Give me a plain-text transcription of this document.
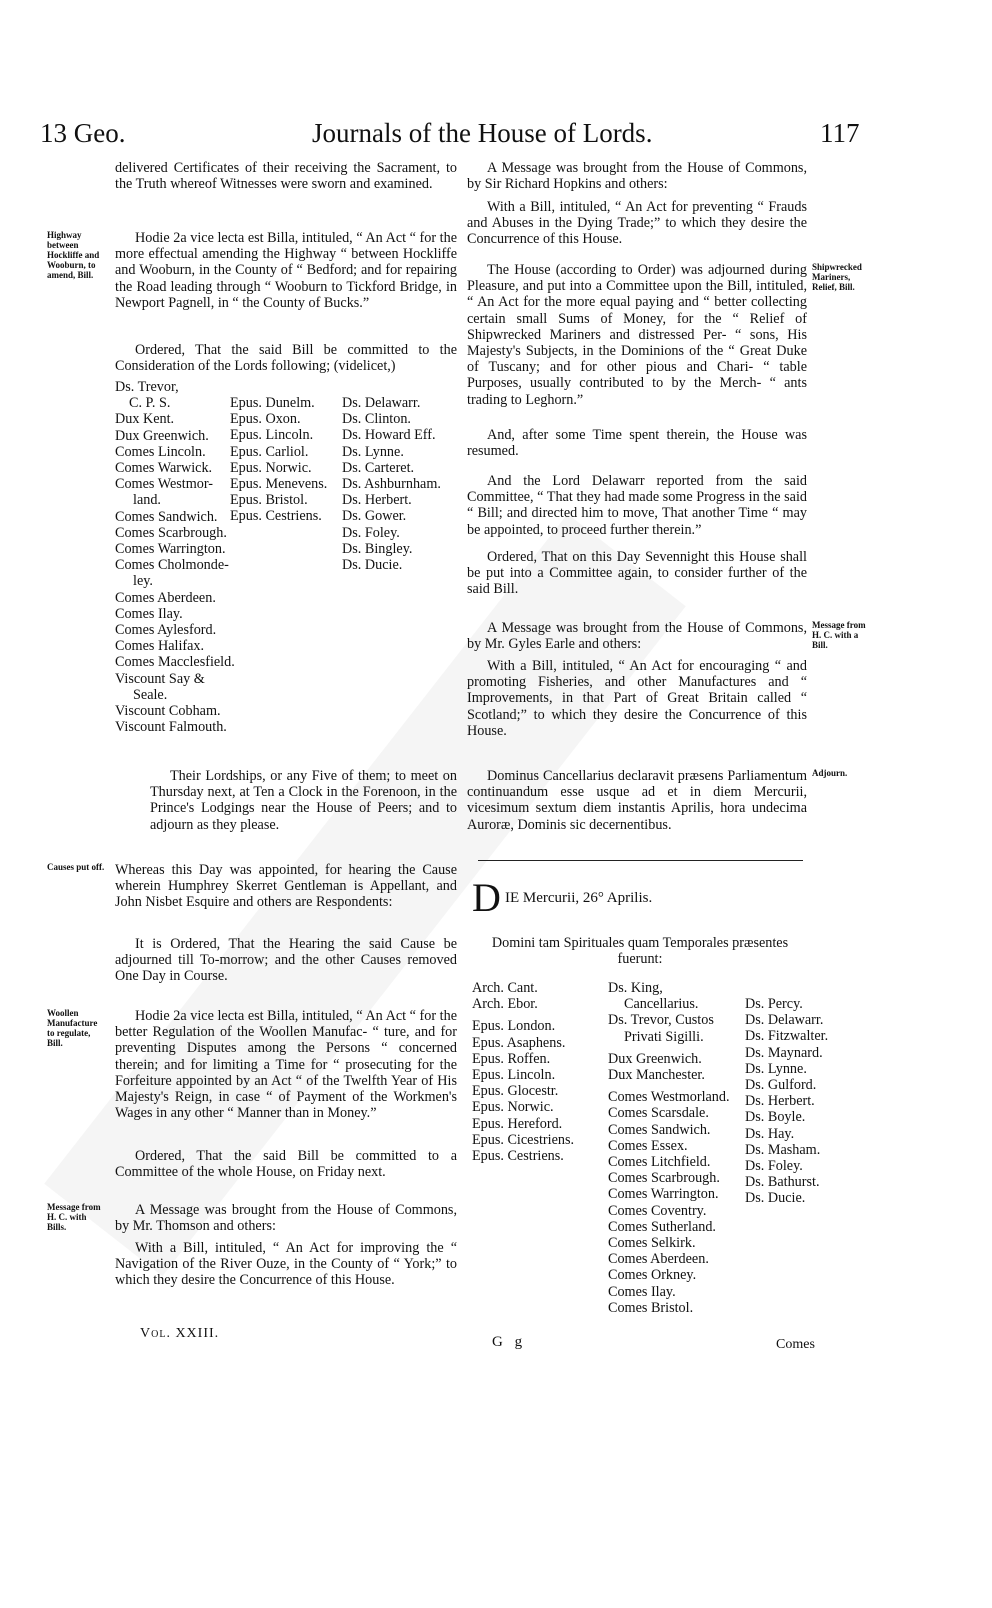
13 Geo.	Journals of the House of Lords.	117

delivered Certificates of their receiving the Sacrament, to the Truth whereof Witnesses were sworn and examined.

Highway between Hockliffe and Wooburn, to amend, Bill.

Hodie 2a vice lecta est Billa, intituled, “ An Act “ for the more effectual amending the Highway “ between Hockliffe and Wooburn, in the County of “ Bedford; and for repairing the Road leading through “ Wooburn to Tickford Bridge, in Newport Pagnell, in “ the County of Bucks.”

Ordered, That the said Bill be committed to the Consideration of the Lords following; (videlicet,)

Ds. Trevor,
C. P. S.
Dux Kent.
Dux Greenwich.
Comes Lincoln.
Comes Warwick.
Comes Westmor-
land.
Comes Sandwich.
Comes Scarbrough.
Comes Warrington.
Comes Cholmonde-
ley.
Comes Aberdeen.
Comes Ilay.
Comes Aylesford.
Comes Halifax.
Comes Macclesfield.
Viscount Say &
Seale.
Viscount Cobham.
Viscount Falmouth.
Epus. Dunelm.
Epus. Oxon.
Epus. Lincoln.
Epus. Carliol.
Epus. Norwic.
Epus. Menevens.
Epus. Bristol.
Epus. Cestriens.
Ds. Delawarr.
Ds. Clinton.
Ds. Howard Eff.
Ds. Lynne.
Ds. Carteret.
Ds. Ashburnham.
Ds. Herbert.
Ds. Gower.
Ds. Foley.
Ds. Bingley.
Ds. Ducie.

Their Lordships, or any Five of them; to meet on Thursday next, at Ten a Clock in the Forenoon, in the Prince's Lodgings near the House of Peers; and to adjourn as they please.

Causes put off. Whereas this Day was appointed, for hearing the Cause wherein Humphrey Skerret Gentleman is Appellant, and John Nisbet Esquire and others are Respondents:

It is Ordered, That the Hearing the said Cause be adjourned till To-morrow; and the other Causes removed One Day in Course.

Woollen Manufacture to regulate, Bill.

Hodie 2a vice lecta est Billa, intituled, “ An Act “ for the better Regulation of the Woollen Manufac- “ ture, and for preventing Disputes among the Persons “ concerned therein; and for limiting a Time for “ prosecuting for the Forfeiture appointed by an Act “ of the Twelfth Year of His Majesty's Reign, in case “ of Payment of the Workmen's Wages in any other “ Manner than in Money.”

Ordered, That the said Bill be committed to a Committee of the whole House, on Friday next.

Message from H. C. with Bills.

A Message was brought from the House of Commons, by Mr. Thomson and others:

With a Bill, intituled, “ An Act for improving the “ Navigation of the River Ouze, in the County of “ York;” to which they desire the Concurrence of this House.

A Message was brought from the House of Commons, by Sir Richard Hopkins and others:

With a Bill, intituled, “ An Act for preventing “ Frauds and Abuses in the Dying Trade;” to which they desire the Concurrence of this House.

Shipwrecked Mariners, Relief, Bill.

The House (according to Order) was adjourned during Pleasure, and put into a Committee upon the Bill, intituled, “ An Act for the more equal paying and “ better collecting certain small Sums of Money, for the “ Relief of Shipwrecked Mariners and distressed Per- “ sons, His Majesty's Subjects, in the Dominions of the “ Great Duke of Tuscany; and for other pious and Chari- “ table Purposes, usually contributed to by the Merch- “ ants trading to Leghorn.”

And, after some Time spent therein, the House was resumed.

And the Lord Delawarr reported from the said Committee, “ That they had made some Progress in the said “ Bill; and directed him to move, That another Time “ may be appointed, to proceed further therein.”

Ordered, That on this Day Sevennight this House shall be put into a Committee again, to consider further of the said Bill.

Message from H. C. with a Bill.

A Message was brought from the House of Commons, by Mr. Gyles Earle and others:

With a Bill, intituled, “ An Act for encouraging “ and promoting Fisheries, and other Manufactures and “ Improvements, in that Part of Great Britain called “ Scotland;” to which they desire the Concurrence of this House.

Adjourn.

Dominus Cancellarius declaravit præsens Parliamentum continuandum esse usque ad et in diem Mercurii, vicesimum sextum diem instantis Aprilis, hora undecima Auroræ, Dominis sic decernentibus.

D IE Mercurii, 26° Aprilis.

Domini tam Spirituales quam Temporales præsentes fuerunt:

Arch. Cant.
Arch. Ebor.
Epus. London.
Epus. Asaphens.
Epus. Roffen.
Epus. Lincoln.
Epus. Glocestr.
Epus. Norwic.
Epus. Hereford.
Epus. Cicestriens.
Epus. Cestriens.
Ds. King,
Cancellarius.
Ds. Trevor, Custos
Privati Sigilli.
Dux Greenwich.
Dux Manchester.
Comes Westmorland.
Comes Scarsdale.
Comes Sandwich.
Comes Essex.
Comes Litchfield.
Comes Scarbrough.
Comes Warrington.
Comes Coventry.
Comes Sutherland.
Comes Selkirk.
Comes Aberdeen.
Comes Orkney.
Comes Ilay.
Comes Bristol.
Ds. Percy.
Ds. Delawarr.
Ds. Fitzwalter.
Ds. Maynard.
Ds. Lynne.
Ds. Gulford.
Ds. Herbert.
Ds. Boyle.
Ds. Hay.
Ds. Masham.
Ds. Foley.
Ds. Bathurst.
Ds. Ducie.
Vol. XXIII.
G g	Comes
